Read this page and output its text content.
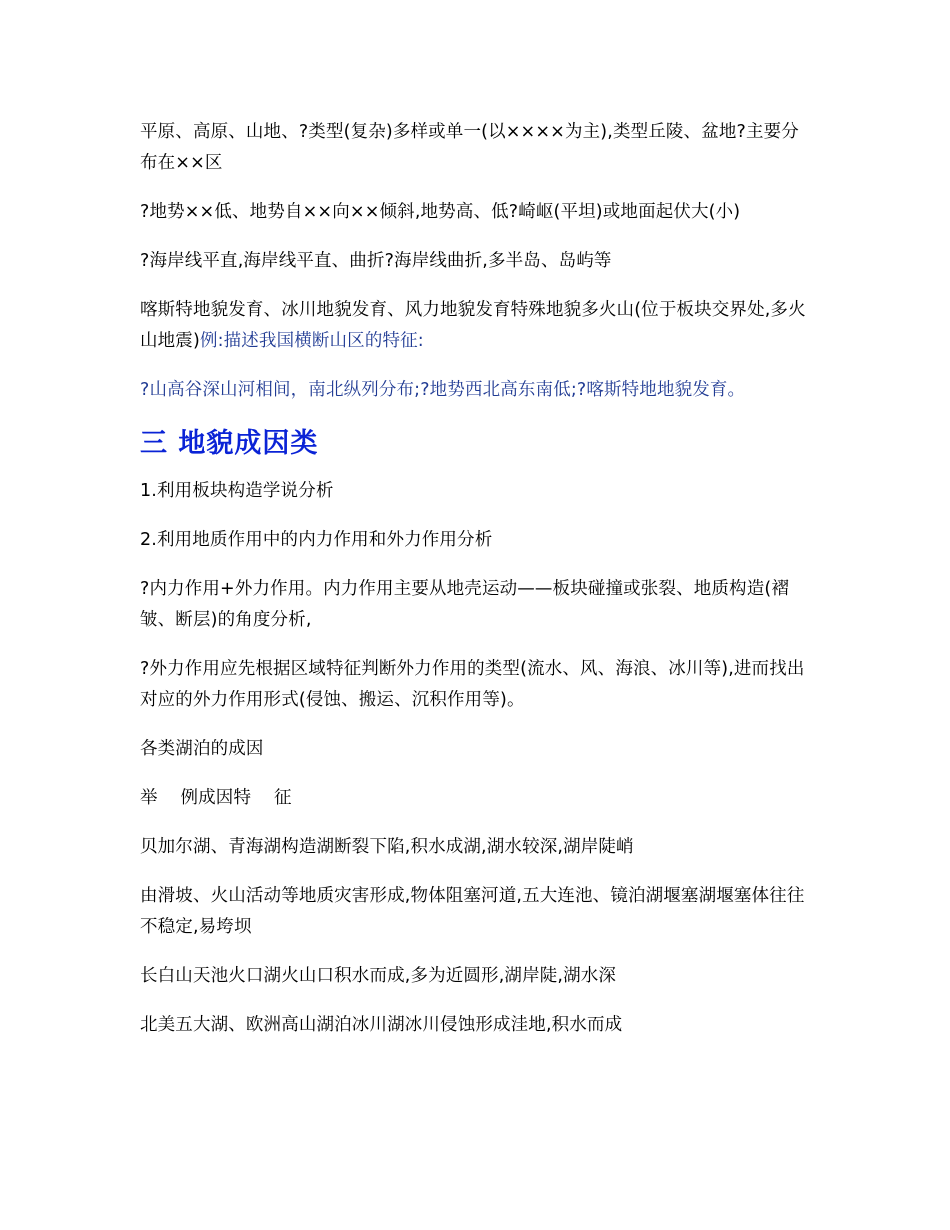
平原、高原、山地、?类型(复杂)多样或单一(以××××为主),类型丘陵、盆地?主要分布在××区

?地势××低、地势自××向××倾斜,地势高、低?崎岖(平坦)或地面起伏大(小)

?海岸线平直,海岸线平直、曲折?海岸线曲折,多半岛、岛屿等

喀斯特地貌发育、冰川地貌发育、风力地貌发育特殊地貌多火山(位于板块交界处,多火山地震)例:描述我国横断山区的特征:

?山高谷深山河相间，南北纵列分布;?地势西北高东南低;?喀斯特地地貌发育。

三 地貌成因类

1.利用板块构造学说分析

2.利用地质作用中的内力作用和外力作用分析

?内力作用+外力作用。内力作用主要从地壳运动——板块碰撞或张裂、地质构造(褶皱、断层)的角度分析,

?外力作用应先根据区域特征判断外力作用的类型(流水、风、海浪、冰川等),进而找出对应的外力作用形式(侵蚀、搬运、沉积作用等)。

各类湖泊的成因

举    例成因特    征

贝加尔湖、青海湖构造湖断裂下陷,积水成湖,湖水较深,湖岸陡峭

由滑坡、火山活动等地质灾害形成,物体阻塞河道,五大连池、镜泊湖堰塞湖堰塞体往往不稳定,易垮坝

长白山天池火口湖火山口积水而成,多为近圆形,湖岸陡,湖水深

北美五大湖、欧洲高山湖泊冰川湖冰川侵蚀形成洼地,积水而成
